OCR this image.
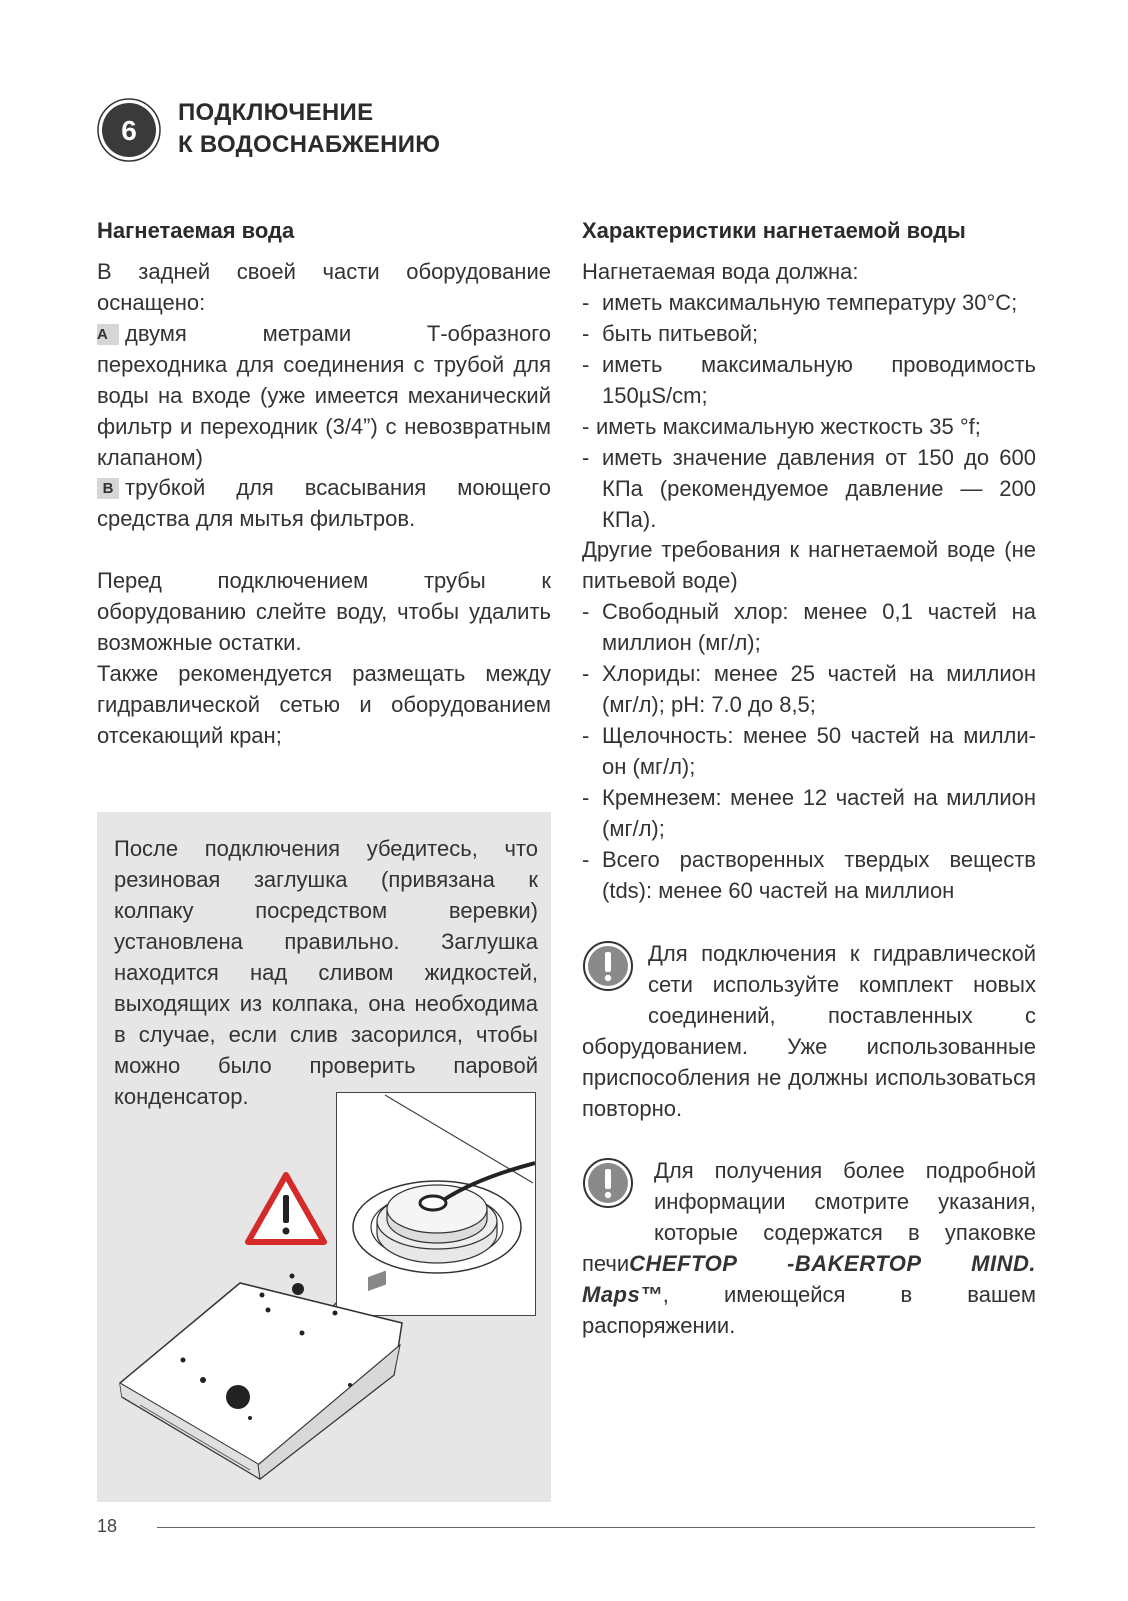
6
ПОДКЛЮЧЕНИЕ
К ВОДОСНАБЖЕНИЮ
Нагнетаемая вода
В задней своей части оборудование оснащено:
A двумя метрами Т-образного
переходника для соединения с трубой для воды на входе (уже имеется механический фильтр и переходник (3/4”) с невозвратным клапаном)
B трубкой для всасывания моющего средства для мытья фильтров.
Перед подключением трубы к оборудованию слейте воду, чтобы удалить возможные остатки.
Также рекомендуется размещать между гидравлической сетью и оборудованием отсекающий кран;
После подключения убедитесь, что резиновая заглушка (привязана к колпаку посредством веревки) установлена правильно. Заглушка находится над сливом жидкостей, выходящих из колпака, она необходима в случае, если слив засорился, чтобы можно было проверить паровой конденсатор.
Характеристики нагнетаемой воды
Нагнетаемая вода должна:
- иметь максимальную температуру 30°C;
- быть питьевой;
- иметь максимальную проводимость 150µS/cm;
- иметь максимальную жесткость 35 °f;
- иметь значение давления от 150 до 600 КПа (рекомендуемое давление — 200 КПа).
Другие требования к нагнетаемой воде (не питьевой воде)
- Свободный хлор: менее 0,1 частей на миллион (мг/л);
- Хлориды: менее 25 частей на миллион (мг/л); pH: 7.0 до 8,5;
- Щелочность: менее 50 частей на милли-он (мг/л);
- Кремнезем: менее 12 частей на миллион (мг/л);
- Всего растворенных твердых веществ (tds): менее 60 частей на миллион
Для подключения к гидравлической сети используйте комплект новых соединений, поставленных с оборудованием. Уже использованные приспособления не должны использоваться повторно.
Для получения более подробной информации смотрите указания, которые содержатся в упаковке печиCHEFTOP -BAKERTOP MIND. Maps™, имеющейся в вашем распоряжении.
18
